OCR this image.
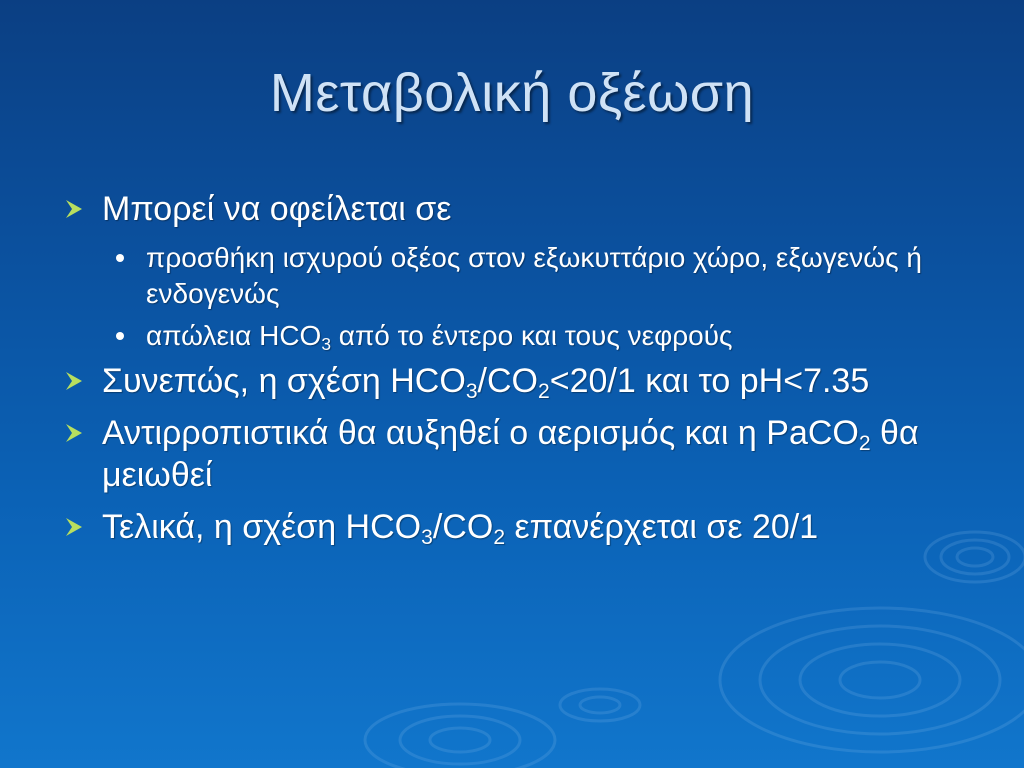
Μεταβολική οξέωση
Μπορεί να οφείλεται σε
προσθήκη ισχυρού οξέος στον εξωκυττάριο χώρο, εξωγενώς ή ενδογενώς
απώλεια $HCO_3$ από το έντερο και τους νεφρούς
Συνεπώς, η σχέση $HCO_3/CO_2<20/1$ και το pH<7.35
Αντιρροπιστικά θα αυξηθεί ο αερισμός και η PaCO$_2$ θα μειωθεί
Τελικά, η σχέση $HCO_3/CO_2$ επανέρχεται σε 20/1
